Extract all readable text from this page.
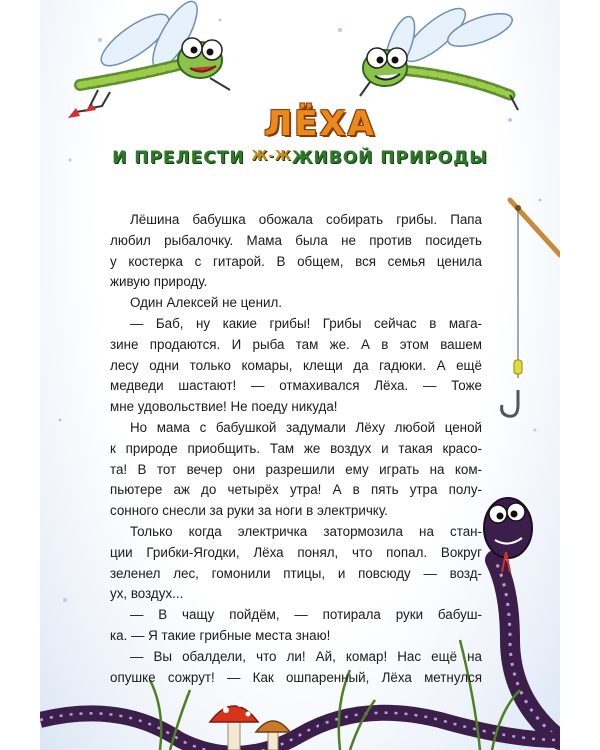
ЛЁХА
И ПРЕЛЕСТИ Ж-ЖЖИВОЙ ПРИРОДЫ
Лёшина бабушка обожала собирать грибы. Папа
любил рыбалочку. Мама была не против посидеть
у костерка с гитарой. В общем, вся семья ценила
живую природу.
Один Алексей не ценил.
— Баб, ну какие грибы! Грибы сейчас в мага-
зине продаются. И рыба там же. А в этом вашем
лесу одни только комары, клещи да гадюки. А ещё
медведи шастают! — отмахивался Лёха. — Тоже
мне удовольствие! Не поеду никуда!
Но мама с бабушкой задумали Лёху любой ценой
к природе приобщить. Там же воздух и такая красо-
та! В тот вечер они разрешили ему играть на ком-
пьютере аж до четырёх утра! А в пять утра полу-
сонного снесли за руки за ноги в электричку.
Только когда электричка затормозила на стан-
ции Грибки-Ягодки, Лёха понял, что попал. Вокруг
зеленел лес, гомонили птицы, и повсюду — возд-
ух, воздух...
— В чащу пойдём, — потирала руки бабуш-
ка. — Я такие грибные места знаю!
— Вы обалдели, что ли! Ай, комар! Нас ещё на
опушке сожрут! — Как ошпаренный, Лёха метнулся
7
